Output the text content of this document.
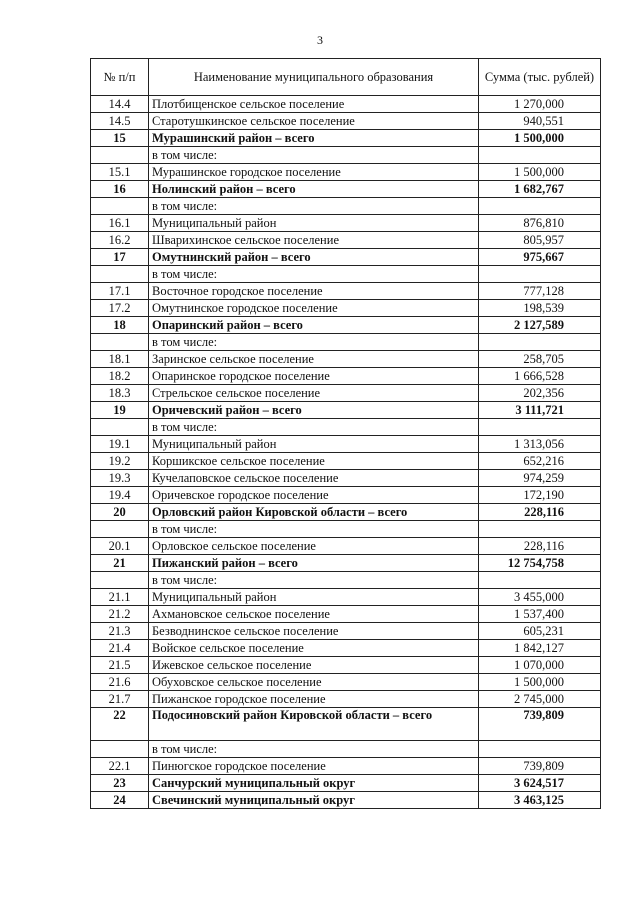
3
№ п/п	Наименование муниципального образования	Сумма (тыс. рублей)
14.4	Плотбищенское сельское поселение	1 270,000
14.5	Старотушкинское сельское поселение	940,551
15	Мурашинский район – всего	1 500,000
	в том числе:	
15.1	Мурашинское городское поселение	1 500,000
16	Нолинский район – всего	1 682,767
	в том числе:	
16.1	Муниципальный район	876,810
16.2	Шварихинское сельское поселение	805,957
17	Омутнинский район – всего	975,667
	в том числе:	
17.1	Восточное городское поселение	777,128
17.2	Омутнинское городское поселение	198,539
18	Опаринский район – всего	2 127,589
	в том числе:	
18.1	Заринское сельское поселение	258,705
18.2	Опаринское городское поселение	1 666,528
18.3	Стрельское сельское поселение	202,356
19	Оричевский район – всего	3 111,721
	в том числе:	
19.1	Муниципальный район	1 313,056
19.2	Коршикское сельское поселение	652,216
19.3	Кучелаповское сельское поселение	974,259
19.4	Оричевское городское поселение	172,190
20	Орловский район Кировской области – всего	228,116
	в том числе:	
20.1	Орловское сельское поселение	228,116
21	Пижанский район – всего	12 754,758
	в том числе:	
21.1	Муниципальный район	3 455,000
21.2	Ахмановское сельское поселение	1 537,400
21.3	Безводнинское сельское поселение	605,231
21.4	Войское сельское поселение	1 842,127
21.5	Ижевское сельское поселение	1 070,000
21.6	Обуховское сельское поселение	1 500,000
21.7	Пижанское городское поселение	2 745,000
22	Подосиновский район Кировской области – всего	739,809
	в том числе:	
22.1	Пинюгское городское поселение	739,809
23	Санчурский муниципальный округ	3 624,517
24	Свечинский муниципальный округ	3 463,125
